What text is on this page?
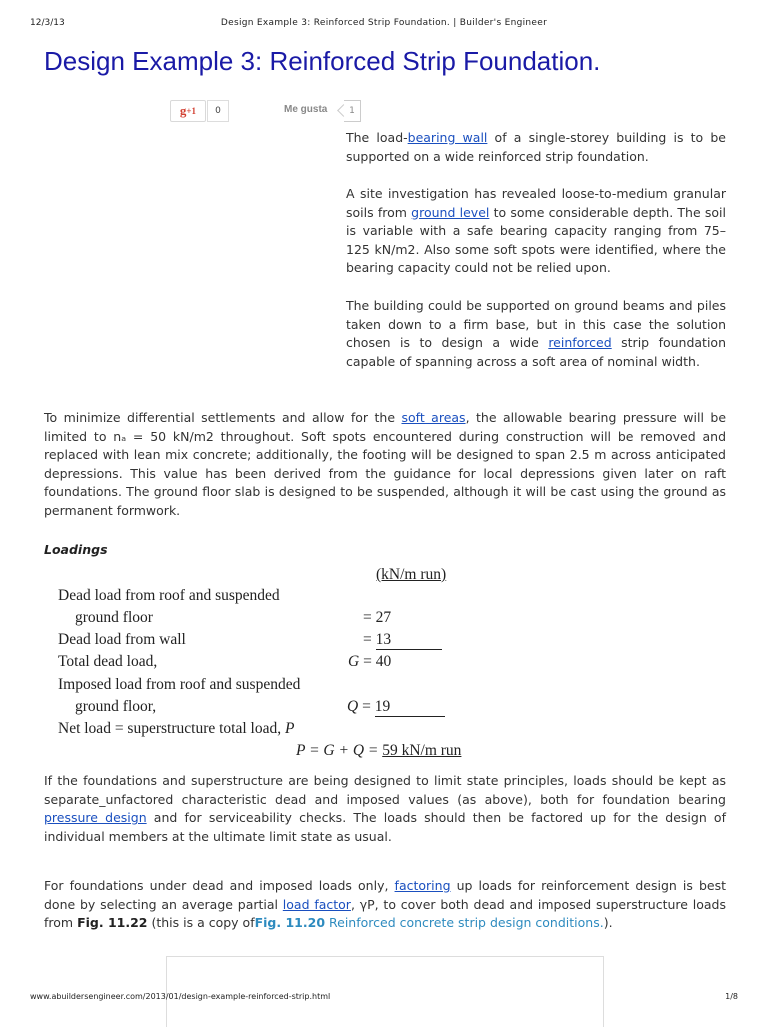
12/3/13	Design Example 3: Reinforced Strip Foundation. | Builder's Engineer
Design Example 3: Reinforced Strip Foundation.
$g^{+1}$	0	Me gusta	1

The load-bearing wall of a single-storey building is to be supported on a wide reinforced strip foundation.

A site investigation has revealed loose-to-medium granular soils from ground level to some considerable depth. The soil is variable with a safe bearing capacity ranging from 75–125 kN/m2. Also some soft spots were identified, where the bearing capacity could not be relied upon.

The building could be supported on ground beams and piles taken down to a firm base, but in this case the solution chosen is to design a wide reinforced strip foundation capable of spanning across a soft area of nominal width.

To minimize differential settlements and allow for the soft areas, the allowable bearing pressure will be limited to nₐ = 50 kN/m2 throughout. Soft spots encountered during construction will be removed and replaced with lean mix concrete; additionally, the footing will be designed to span 2.5 m across anticipated depressions. This value has been derived from the guidance for local depressions given later on raft foundations. The ground floor slab is designed to be suspended, although it will be cast using the ground as permanent formwork.

Loadings
(kN/m run)
Dead load from roof and suspended
ground floor	= 27
Dead load from wall	= 13
Total dead load,	G = 40
Imposed load from roof and suspended
ground floor,	Q = 19
Net load = superstructure total load, P
P = G + Q = 59 kN/m run

If the foundations and superstructure are being designed to limit state principles, loads should be kept as separate_unfactored characteristic dead and imposed values (as above), both for foundation bearing pressure design and for serviceability checks. The loads should then be factored up for the design of individual members at the ultimate limit state as usual.

For foundations under dead and imposed loads only, factoring up loads for reinforcement design is best done by selecting an average partial load factor, γP, to cover both dead and imposed superstructure loads from Fig. 11.22 (this is a copy ofFig. 11.20 Reinforced concrete strip design conditions.).

www.abuildersengineer.com/2013/01/design-example-reinforced-strip.html	1/8
